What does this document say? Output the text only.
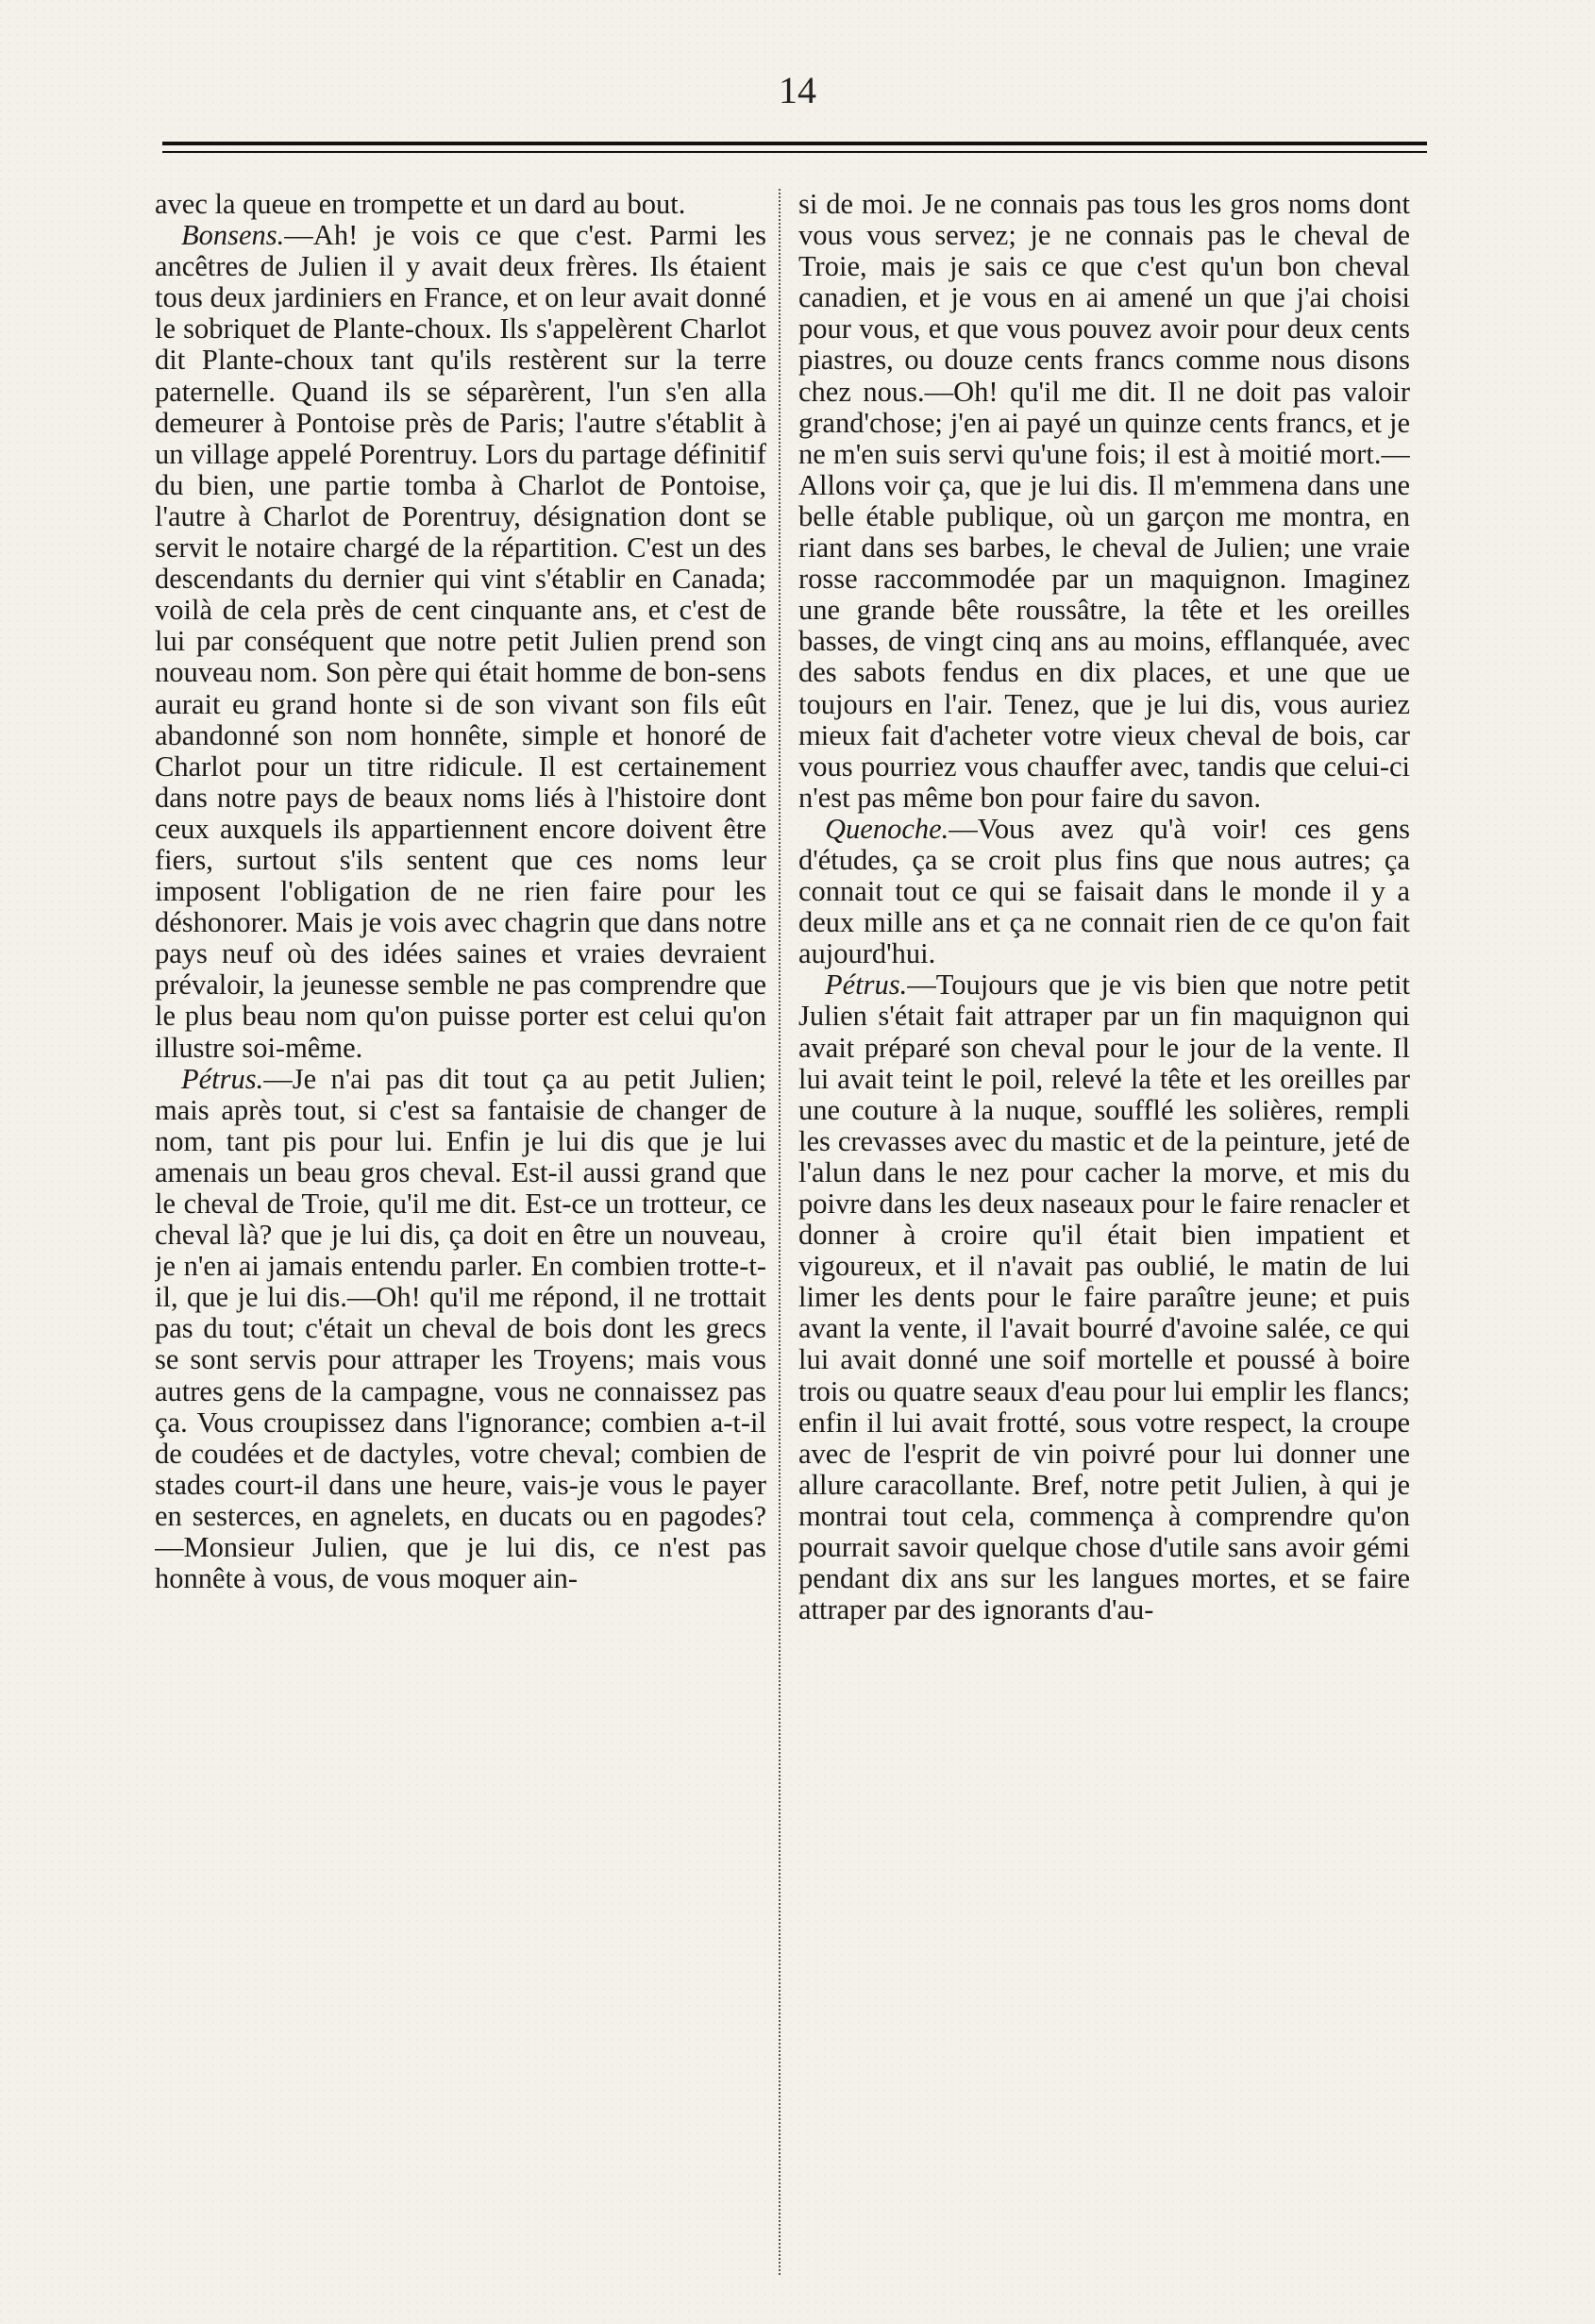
14

avec la queue en trompette et un dard au bout.

Bonsens.—Ah! je vois ce que c'est. Parmi les ancêtres de Julien il y avait deux frères. Ils étaient tous deux jardiniers en France, et on leur avait donné le sobriquet de Plante-choux. Ils s'appelèrent Charlot dit Plante-choux tant qu'ils restèrent sur la terre paternelle. Quand ils se séparèrent, l'un s'en alla demeurer à Pontoise près de Paris; l'autre s'établit à un village appelé Porentruy. Lors du partage définitif du bien, une partie tomba à Charlot de Pontoise, l'autre à Charlot de Porentruy, désignation dont se servit le notaire chargé de la répartition. C'est un des descendants du dernier qui vint s'établir en Canada; voilà de cela près de cent cinquante ans, et c'est de lui par conséquent que notre petit Julien prend son nouveau nom. Son père qui était homme de bon-sens aurait eu grand honte si de son vivant son fils eût abandonné son nom honnête, simple et honoré de Charlot pour un titre ridicule. Il est certainement dans notre pays de beaux noms liés à l'histoire dont ceux auxquels ils appartiennent encore doivent être fiers, surtout s'ils sentent que ces noms leur imposent l'obligation de ne rien faire pour les déshonorer. Mais je vois avec chagrin que dans notre pays neuf où des idées saines et vraies devraient prévaloir, la jeunesse semble ne pas comprendre que le plus beau nom qu'on puisse porter est celui qu'on illustre soi-même.

Pétrus.—Je n'ai pas dit tout ça au petit Julien; mais après tout, si c'est sa fantaisie de changer de nom, tant pis pour lui. Enfin je lui dis que je lui amenais un beau gros cheval. Est-il aussi grand que le cheval de Troie, qu'il me dit. Est-ce un trotteur, ce cheval là? que je lui dis, ça doit en être un nouveau, je n'en ai jamais entendu parler. En combien trotte-t-il, que je lui dis.—Oh! qu'il me répond, il ne trottait pas du tout; c'était un cheval de bois dont les grecs se sont servis pour attraper les Troyens; mais vous autres gens de la campagne, vous ne connaissez pas ça. Vous croupissez dans l'ignorance; combien a-t-il de coudées et de dactyles, votre cheval; combien de stades court-il dans une heure, vais-je vous le payer en sesterces, en agnelets, en ducats ou en pagodes?—Monsieur Julien, que je lui dis, ce n'est pas honnête à vous, de vous moquer ain-

si de moi. Je ne connais pas tous les gros noms dont vous vous servez; je ne connais pas le cheval de Troie, mais je sais ce que c'est qu'un bon cheval canadien, et je vous en ai amené un que j'ai choisi pour vous, et que vous pouvez avoir pour deux cents piastres, ou douze cents francs comme nous disons chez nous.—Oh! qu'il me dit. Il ne doit pas valoir grand'chose; j'en ai payé un quinze cents francs, et je ne m'en suis servi qu'une fois; il est à moitié mort.—Allons voir ça, que je lui dis. Il m'emmena dans une belle étable publique, où un garçon me montra, en riant dans ses barbes, le cheval de Julien; une vraie rosse raccommodée par un maquignon. Imaginez une grande bête roussâtre, la tête et les oreilles basses, de vingt cinq ans au moins, efflanquée, avec des sabots fendus en dix places, et une que ue toujours en l'air. Tenez, que je lui dis, vous auriez mieux fait d'acheter votre vieux cheval de bois, car vous pourriez vous chauffer avec, tandis que celui-ci n'est pas même bon pour faire du savon.

Quenoche.—Vous avez qu'à voir! ces gens d'études, ça se croit plus fins que nous autres; ça connait tout ce qui se faisait dans le monde il y a deux mille ans et ça ne connait rien de ce qu'on fait aujourd'hui.

Pétrus.—Toujours que je vis bien que notre petit Julien s'était fait attraper par un fin maquignon qui avait préparé son cheval pour le jour de la vente. Il lui avait teint le poil, relevé la tête et les oreilles par une couture à la nuque, soufflé les solières, rempli les crevasses avec du mastic et de la peinture, jeté de l'alun dans le nez pour cacher la morve, et mis du poivre dans les deux naseaux pour le faire renacler et donner à croire qu'il était bien impatient et vigoureux, et il n'avait pas oublié, le matin de lui limer les dents pour le faire paraître jeune; et puis avant la vente, il l'avait bourré d'avoine salée, ce qui lui avait donné une soif mortelle et poussé à boire trois ou quatre seaux d'eau pour lui emplir les flancs; enfin il lui avait frotté, sous votre respect, la croupe avec de l'esprit de vin poivré pour lui donner une allure caracollante. Bref, notre petit Julien, à qui je montrai tout cela, commença à comprendre qu'on pourrait savoir quelque chose d'utile sans avoir gémi pendant dix ans sur les langues mortes, et se faire attraper par des ignorants d'au-
